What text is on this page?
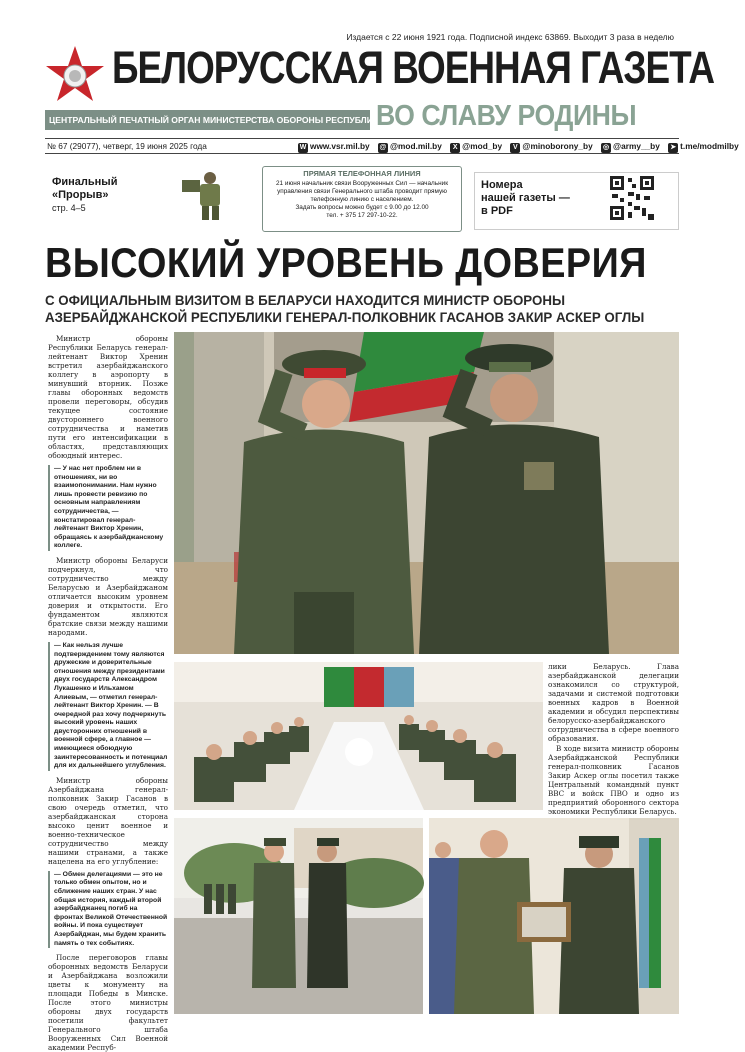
Издается с 22 июня 1921 года. Подписной индекс 63869. Выходит 3 раза в неделю
БЕЛОРУССКАЯ ВОЕННАЯ ГАЗЕТА
ЦЕНТРАЛЬНЫЙ ПЕЧАТНЫЙ ОРГАН МИНИСТЕРСТВА ОБОРОНЫ РЕСПУБЛИКИ БЕЛАРУСЬ
ВО СЛАВУ РОДИНЫ
№ 67 (29077), четверг, 19 июня 2025 года	W www.vsr.mil.by @ @mod.mil.by X @mod_by V @minoborony_by ◎ @army__by ➤ t.me/modmilby
Финальный
«Прорыв»
стр. 4–5
ПРЯМАЯ ТЕЛЕФОННАЯ ЛИНИЯ
21 июня начальник связи Вооруженных Сил — начальник управления связи Генерального штаба проводит прямую телефонную линию с населением.
Задать вопросы можно будет с 9.00 до 12.00
тел. + 375 17 297-10-22.
Номера
нашей газеты —
в PDF
ВЫСОКИЙ УРОВЕНЬ ДОВЕРИЯ
С ОФИЦИАЛЬНЫМ ВИЗИТОМ В БЕЛАРУСИ НАХОДИТСЯ МИНИСТР ОБОРОНЫ АЗЕРБАЙДЖАНСКОЙ РЕСПУБЛИКИ ГЕНЕРАЛ-ПОЛКОВНИК ГАСАНОВ ЗАКИР АСКЕР ОГЛЫ

Министр обороны Республики Беларусь генерал-лейтенант Виктор Хренин встретил азербайджанского коллегу в аэропорту в минувший вторник. Позже главы оборонных ведомств провели переговоры, обсудив текущее состояние двустороннего военного сотрудничества и наметив пути его интенсификации в областях, представляющих обоюдный интерес.

— У нас нет проблем ни в отношениях, ни во взаимопонимании. Нам нужно лишь провести ревизию по основным направлениям сотрудничества, — констатировал генерал-лейтенант Виктор Хренин, обращаясь к азербайджанскому коллеге.

Министр обороны Беларуси подчеркнул, что сотрудничество между Беларусью и Азербайджаном отличается высоким уровнем доверия и открытости. Его фундаментом являются братские связи между нашими народами.

— Как нельзя лучше подтверждением тому являются дружеские и доверительные отношения между президентами двух государств Александром Лукашенко и Ильхамом Алиевым, — отметил генерал-лейтенант Виктор Хренин. — В очередной раз хочу подчеркнуть высокий уровень наших двусторонних отношений в военной сфере, а главное — имеющиеся обоюдную заинтересованность и потенциал для их дальнейшего углубления.

Министр обороны Азербайджана генерал-полковник Закир Гасанов в свою очередь отметил, что азербайджанская сторона высоко ценит военное и военно-техническое сотрудничество между нашими странами, а также нацелена на его углубление:

— Обмен делегациями — это не только обмен опытом, но и сближение наших стран. У нас общая история, каждый второй азербайджанец погиб на фронтах Великой Отечественной войны. И пока существует Азербайджан, мы будем хранить память о тех событиях.

После переговоров главы оборонных ведомств Беларуси и Азербайджана возложили цветы к монументу на площади Победы в Минске. После этого министры обороны двух государств посетили факультет Генерального штаба Вооруженных Сил Военной академии Респуб-

лики Беларусь. Глава азербайджанской делегации ознакомился со структурой, задачами и системой подготовки военных кадров в Военной академии и обсудил перспективы белорусско-азербайджанского сотрудничества в сфере военного образования.

В ходе визита министр обороны Азербайджанской Республики генерал-полковник Гасанов Закир Аскер оглы посетил также Центральный командный пункт ВВС и войск ПВО и одно из предприятий оборонного сектора экономики Республики Беларусь.
